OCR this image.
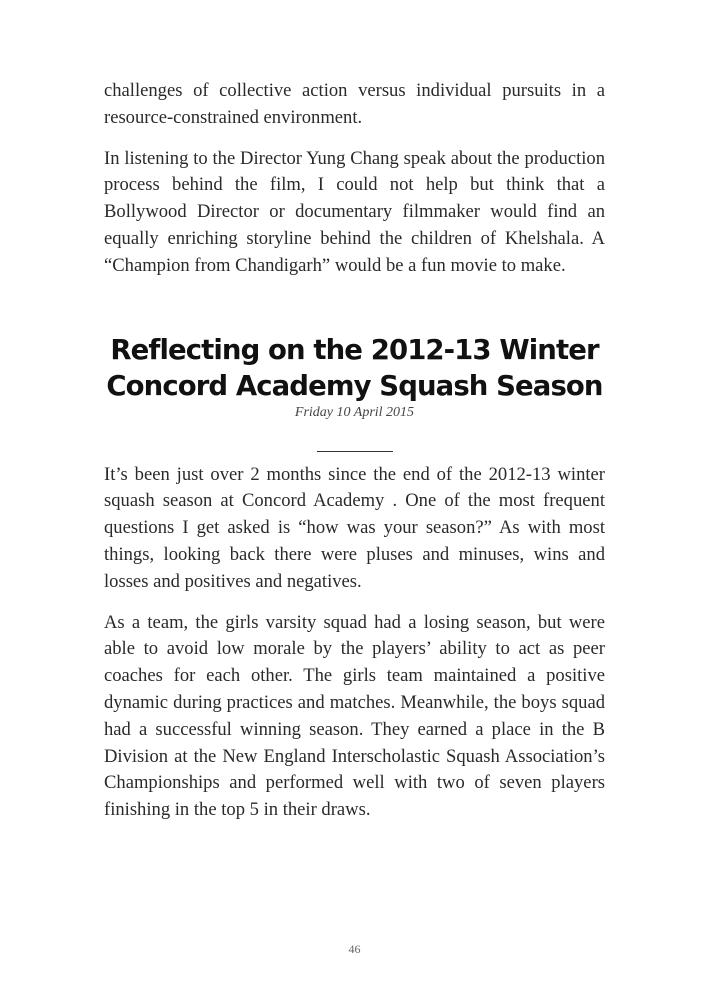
challenges of collective action versus individual pursuits in a resource-constrained environment.

In listening to the Director Yung Chang speak about the production process behind the film, I could not help but think that a Bollywood Director or documentary filmmaker would find an equally enriching storyline behind the children of Khelshala. A “Champion from Chandigarh” would be a fun movie to make.

Reflecting on the 2012-13 Winter Concord Academy Squash Season

Friday 10 April 2015

It’s been just over 2 months since the end of the 2012-13 winter squash season at Concord Academy . One of the most frequent questions I get asked is “how was your season?” As with most things, looking back there were pluses and minuses, wins and losses and positives and negatives.

As a team, the girls varsity squad had a losing season, but were able to avoid low morale by the players’ ability to act as peer coaches for each other. The girls team maintained a positive dynamic during practices and matches. Meanwhile, the boys squad had a successful winning season. They earned a place in the B Division at the New England Interscholastic Squash Association’s Championships and performed well with two of seven players finishing in the top 5 in their draws.

46
